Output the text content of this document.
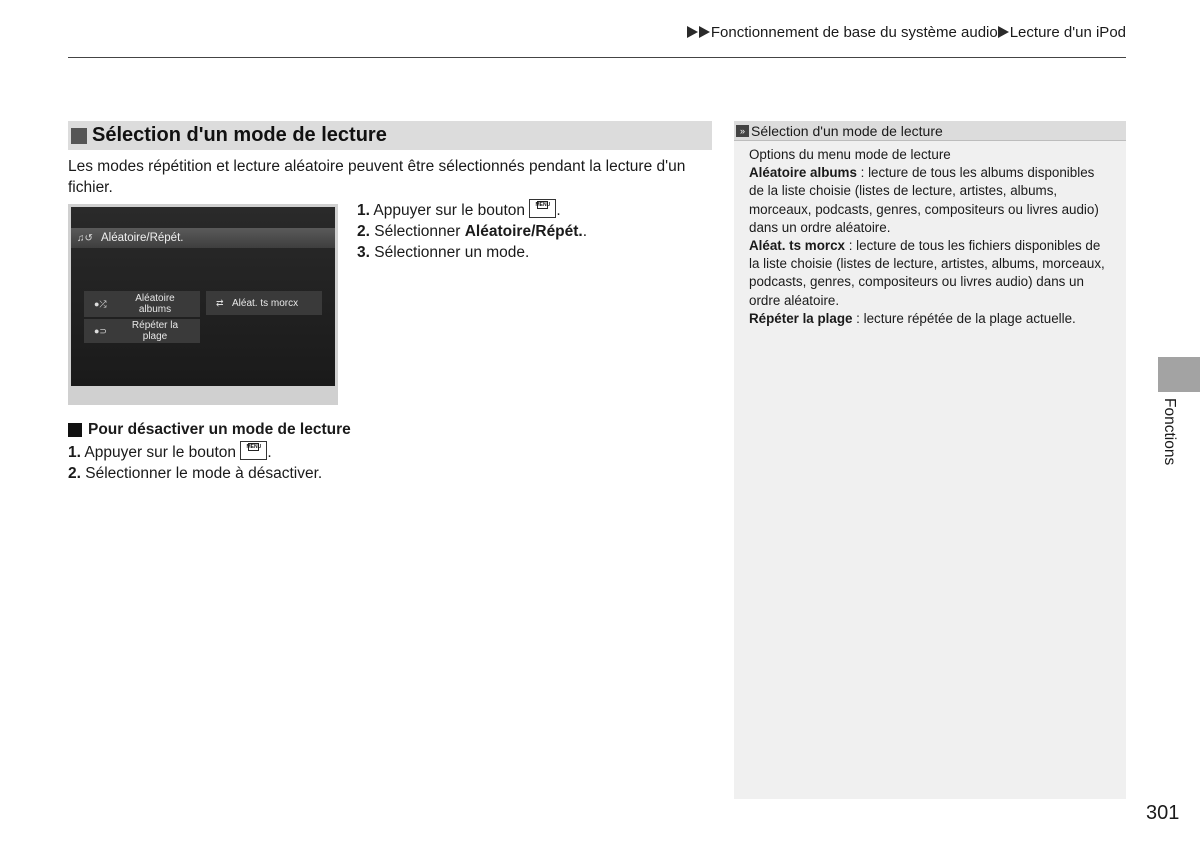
Fonctionnement de base du système audio Lecture d'un iPod
Sélection d'un mode de lecture
Les modes répétition et lecture aléatoire peuvent être sélectionnés pendant la lecture d'un fichier.
♫↺ Aléatoire/Répét.
●⤮	Aléatoire
albums
⇄ Aléat. ts morcx
●⊃	Répéter la
plage
1. Appuyer sur le bouton	MENU .
2. Sélectionner Aléatoire/Répét..
3. Sélectionner un mode.
Pour désactiver un mode de lecture
1. Appuyer sur le bouton	MENU .
2. Sélectionner le mode à désactiver.
» Sélection d'un mode de lecture
Options du menu mode de lecture
Aléatoire albums : lecture de tous les albums disponibles de la liste choisie (listes de lecture, artistes, albums, morceaux, podcasts, genres, compositeurs ou livres audio) dans un ordre aléatoire.
Aléat. ts morcx : lecture de tous les fichiers disponibles de la liste choisie (listes de lecture, artistes, albums, morceaux, podcasts, genres, compositeurs ou livres audio) dans un ordre aléatoire.
Répéter la plage : lecture répétée de la plage actuelle.
Fonctions
301
